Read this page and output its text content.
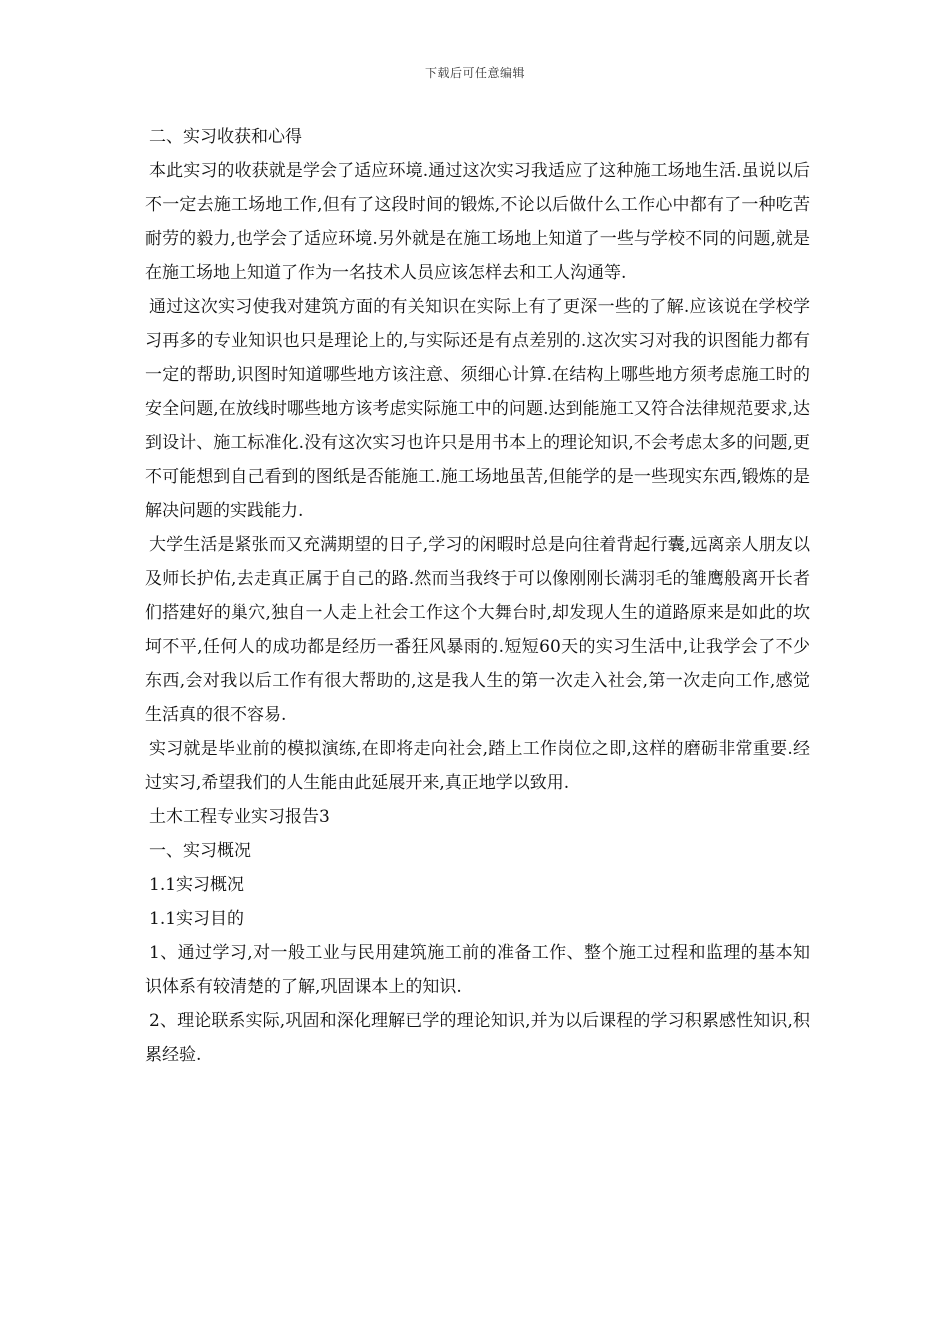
下载后可任意编辑

二、实习收获和心得

本此实习的收获就是学会了适应环境.通过这次实习我适应了这种施工场地生活.虽说以后不一定去施工场地工作,但有了这段时间的锻炼,不论以后做什么工作心中都有了一种吃苦耐劳的毅力,也学会了适应环境.另外就是在施工场地上知道了一些与学校不同的问题,就是在施工场地上知道了作为一名技术人员应该怎样去和工人沟通等.

通过这次实习使我对建筑方面的有关知识在实际上有了更深一些的了解.应该说在学校学习再多的专业知识也只是理论上的,与实际还是有点差别的.这次实习对我的识图能力都有一定的帮助,识图时知道哪些地方该注意、须细心计算.在结构上哪些地方须考虑施工时的安全问题,在放线时哪些地方该考虑实际施工中的问题.达到能施工又符合法律规范要求,达到设计、施工标准化.没有这次实习也许只是用书本上的理论知识,不会考虑太多的问题,更不可能想到自己看到的图纸是否能施工.施工场地虽苦,但能学的是一些现实东西,锻炼的是解决问题的实践能力.

大学生活是紧张而又充满期望的日子,学习的闲暇时总是向往着背起行囊,远离亲人朋友以及师长护佑,去走真正属于自己的路.然而当我终于可以像刚刚长满羽毛的雏鹰般离开长者们搭建好的巢穴,独自一人走上社会工作这个大舞台时,却发现人生的道路原来是如此的坎坷不平,任何人的成功都是经历一番狂风暴雨的.短短60天的实习生活中,让我学会了不少东西,会对我以后工作有很大帮助的,这是我人生的第一次走入社会,第一次走向工作,感觉生活真的很不容易.

实习就是毕业前的模拟演练,在即将走向社会,踏上工作岗位之即,这样的磨砺非常重要.经过实习,希望我们的人生能由此延展开来,真正地学以致用.

土木工程专业实习报告3

一、实习概况

1.1实习概况

1.1实习目的

1、通过学习,对一般工业与民用建筑施工前的准备工作、整个施工过程和监理的基本知识体系有较清楚的了解,巩固课本上的知识.

2、理论联系实际,巩固和深化理解已学的理论知识,并为以后课程的学习积累感性知识,积累经验.
